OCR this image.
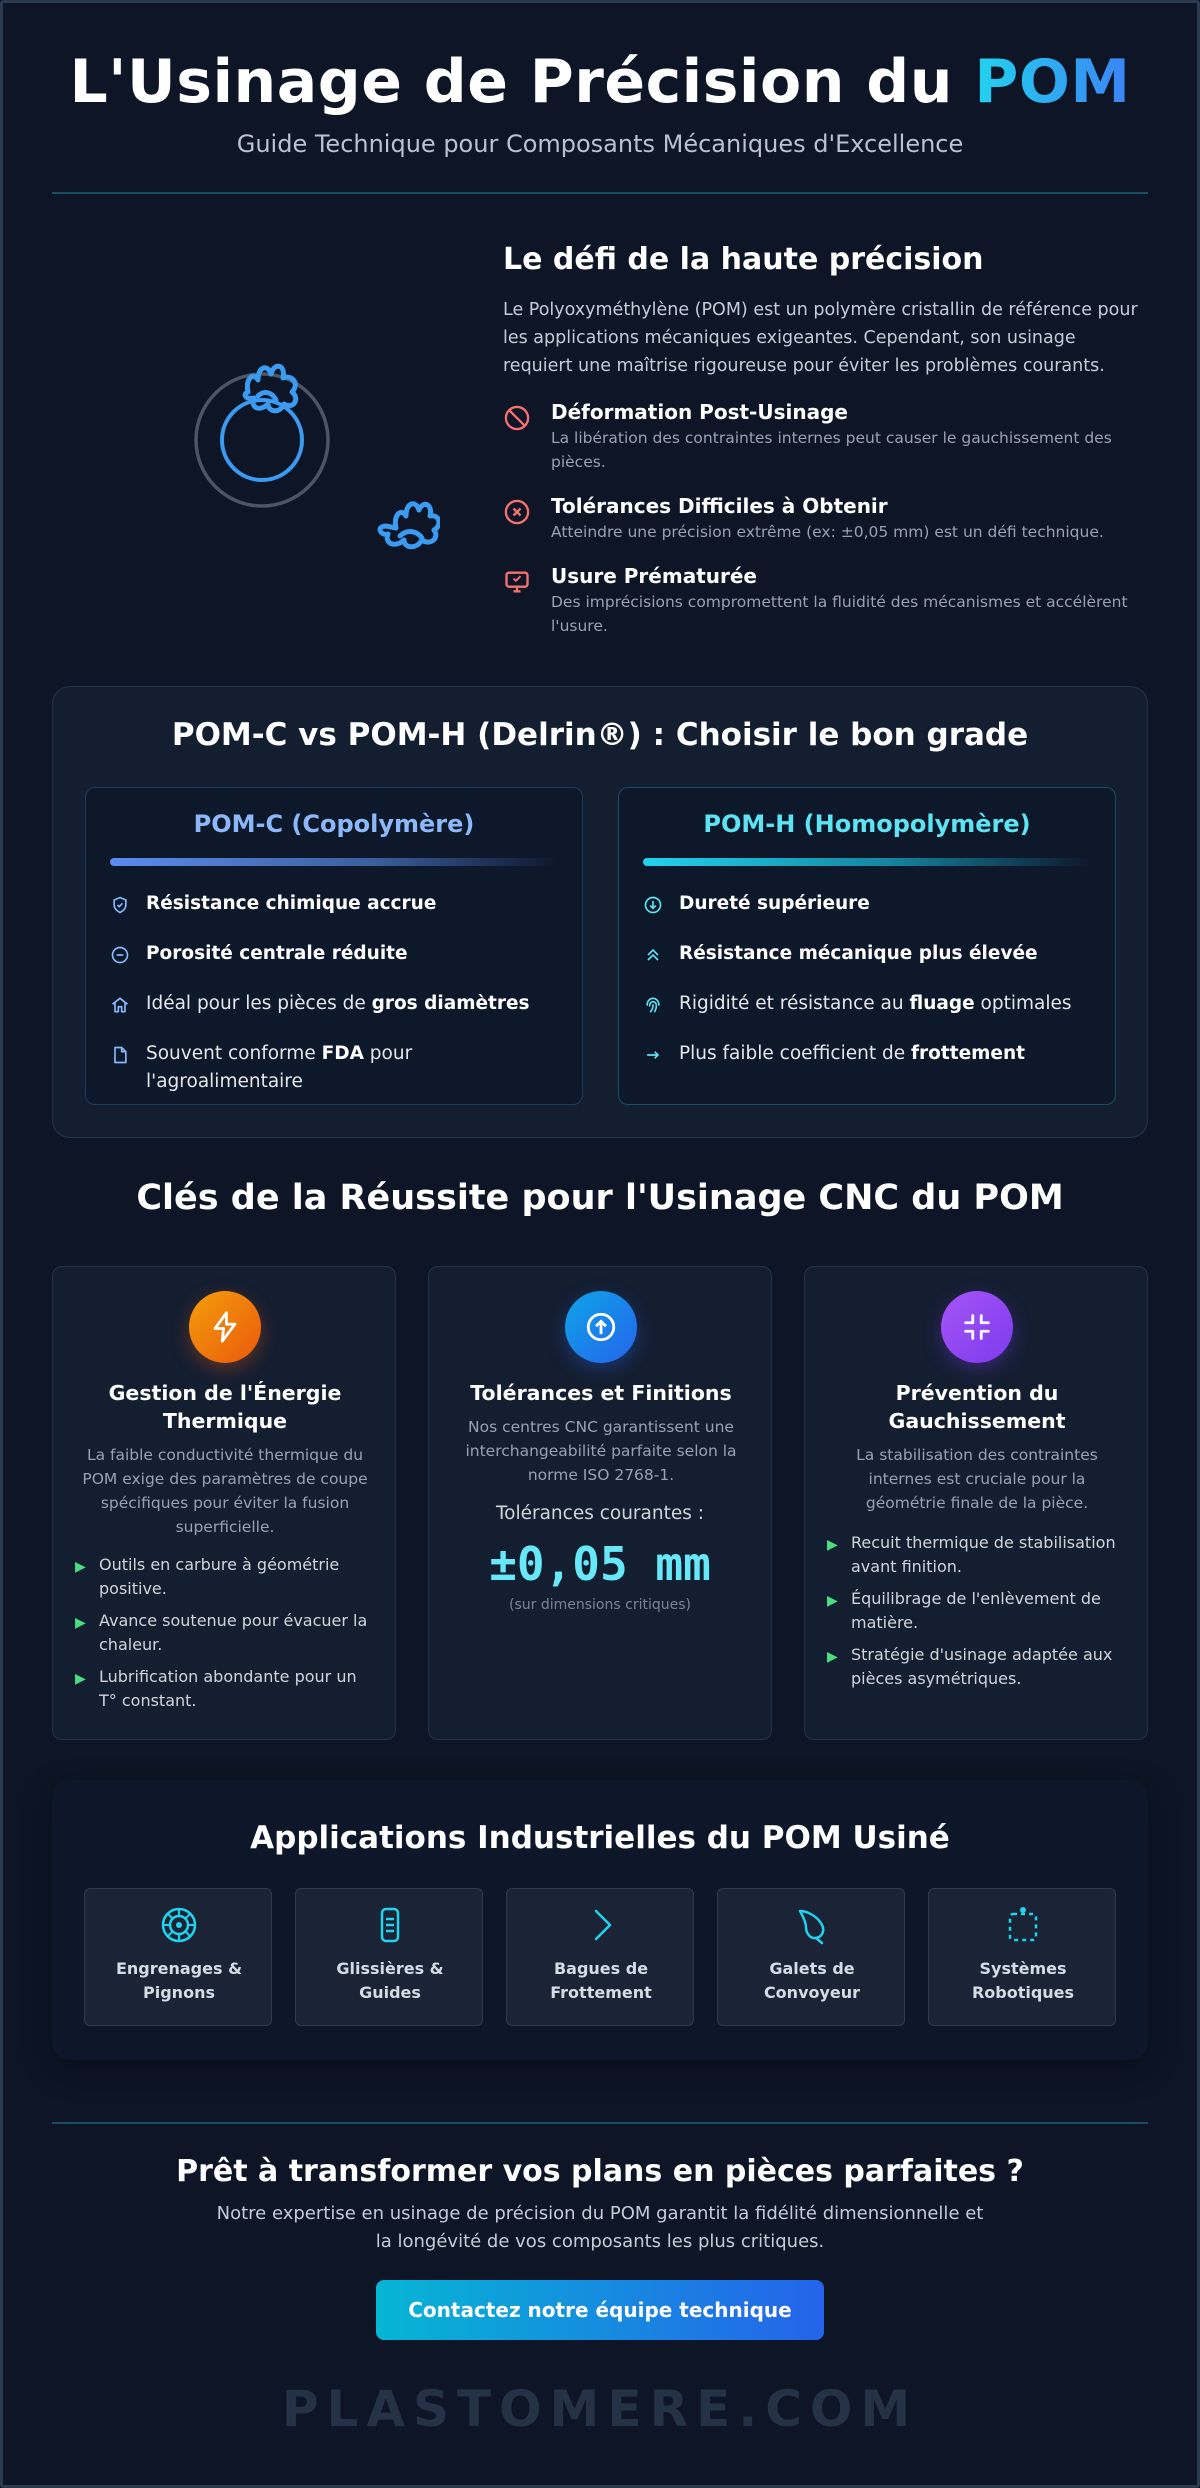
L'Usinage de Précision du POM
Guide Technique pour Composants Mécaniques d'Excellence
Le défi de la haute précision

Le Polyoxyméthylène (POM) est un polymère cristallin de référence pour les applications mécaniques exigeantes. Cependant, son usinage requiert une maîtrise rigoureuse pour éviter les problèmes courants.

Déformation Post-Usinage
La libération des contraintes internes peut causer le gauchissement des pièces.
Tolérances Difficiles à Obtenir
Atteindre une précision extrême (ex: ±0,05 mm) est un défi technique.
Usure Prématurée
Des imprécisions compromettent la fluidité des mécanismes et accélèrent l'usure.
POM-C vs POM-H (Delrin®) : Choisir le bon grade
POM-C (Copolymère)
Résistance chimique accrue
Porosité centrale réduite
Idéal pour les pièces de gros diamètres
Souvent conforme FDA pour l'agroalimentaire
POM-H (Homopolymère)
Dureté supérieure
Résistance mécanique plus élevée
Rigidité et résistance au fluage optimales
Plus faible coefficient de frottement
Clés de la Réussite pour l'Usinage CNC du POM
Gestion de l'Énergie Thermique
La faible conductivité thermique du POM exige des paramètres de coupe spécifiques pour éviter la fusion superficielle.
▶ Outils en carbure à géométrie positive.
▶ Avance soutenue pour évacuer la chaleur.
▶ Lubrification abondante pour un T° constant.
Tolérances et Finitions
Nos centres CNC garantissent une interchangeabilité parfaite selon la norme ISO 2768-1.
Tolérances courantes :
±0,05 mm
(sur dimensions critiques)
Prévention du Gauchissement
La stabilisation des contraintes internes est cruciale pour la géométrie finale de la pièce.
▶ Recuit thermique de stabilisation avant finition.
▶ Équilibrage de l'enlèvement de matière.
▶ Stratégie d'usinage adaptée aux pièces asymétriques.
Applications Industrielles du POM Usiné
Engrenages & Pignons
Glissières & Guides
Bagues de Frottement
Galets de Convoyeur
Systèmes Robotiques
Prêt à transformer vos plans en pièces parfaites ?
Notre expertise en usinage de précision du POM garantit la fidélité dimensionnelle et la longévité de vos composants les plus critiques.
Contactez notre équipe technique
PLASTOMERE.COM
